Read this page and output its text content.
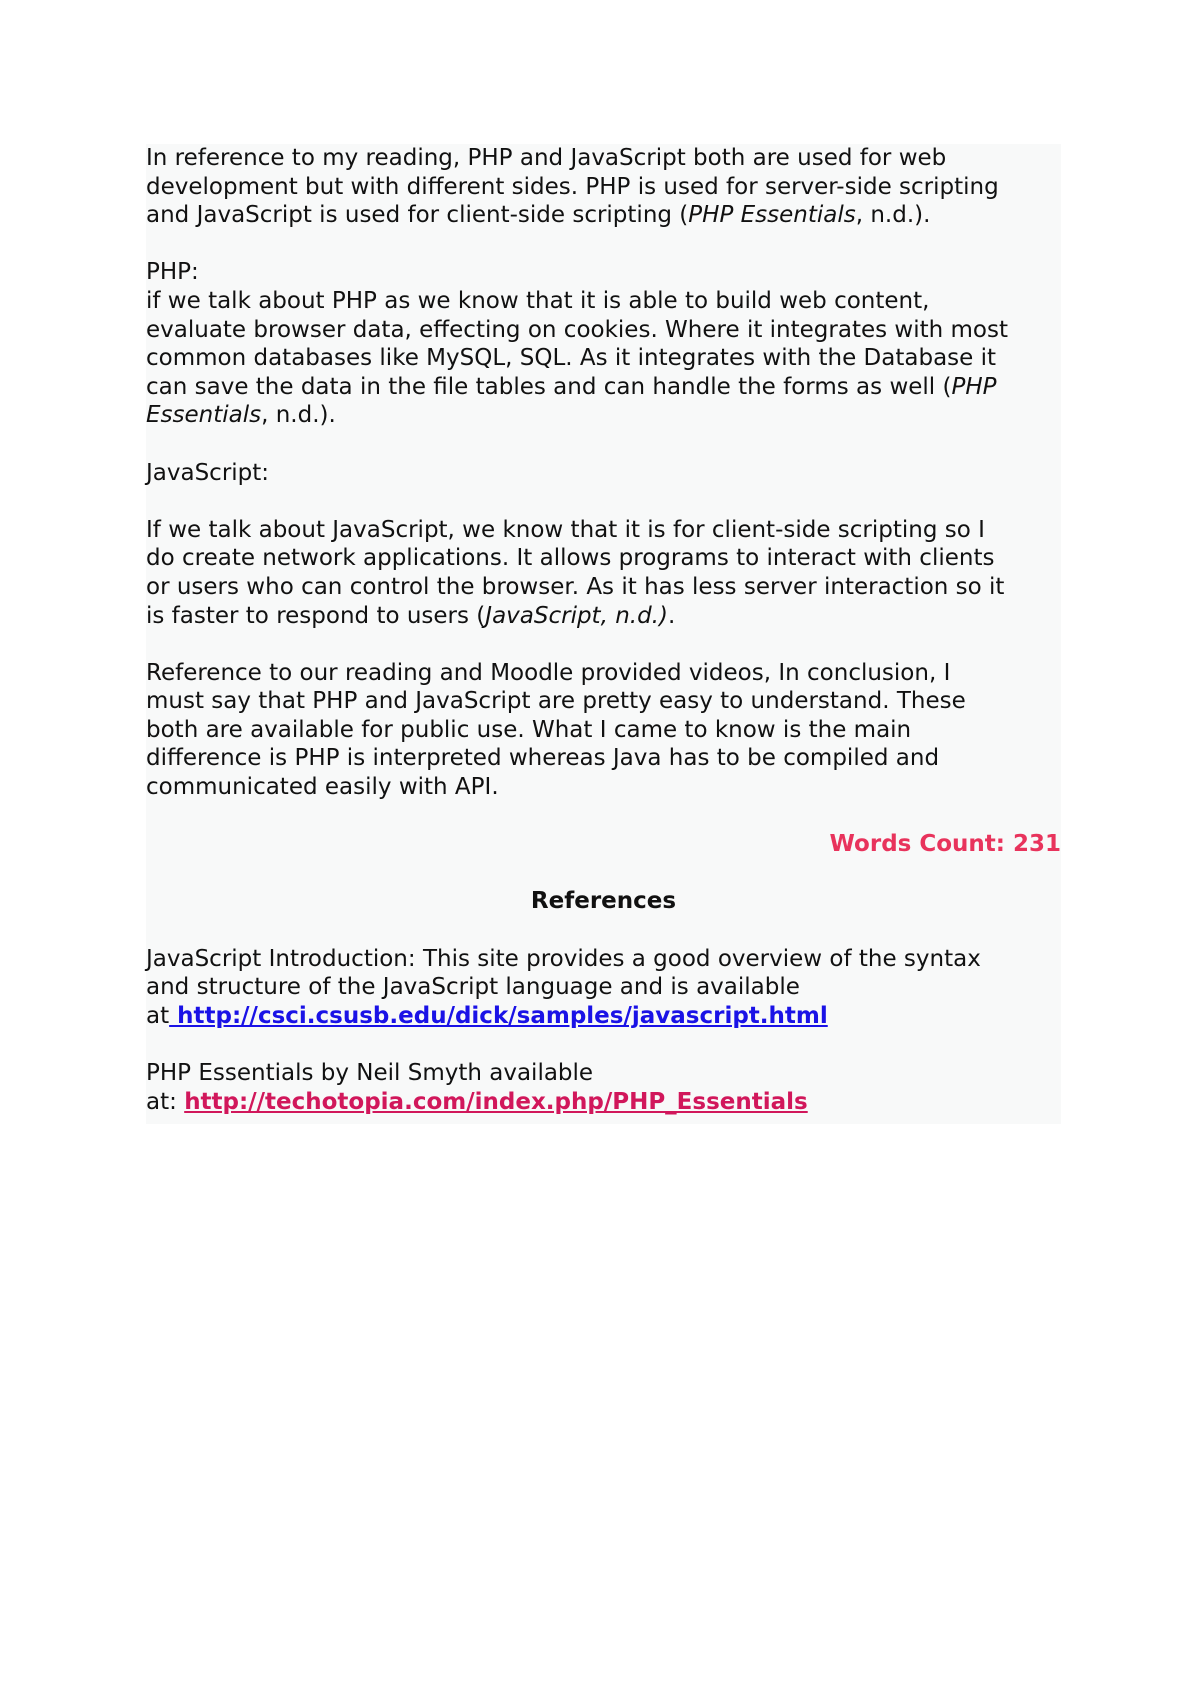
In reference to my reading, PHP and JavaScript both are used for web
development but with different sides. PHP is used for server-side scripting
and JavaScript is used for client-side scripting (PHP Essentials, n.d.).
PHP:
if we talk about PHP as we know that it is able to build web content,
evaluate browser data, effecting on cookies. Where it integrates with most
common databases like MySQL, SQL. As it integrates with the Database it
can save the data in the file tables and can handle the forms as well (PHP
Essentials, n.d.).
JavaScript:
If we talk about JavaScript, we know that it is for client-side scripting so I
do create network applications. It allows programs to interact with clients
or users who can control the browser. As it has less server interaction so it
is faster to respond to users (JavaScript, n.d.).
Reference to our reading and Moodle provided videos, In conclusion, I
must say that PHP and JavaScript are pretty easy to understand. These
both are available for public use. What I came to know is the main
difference is PHP is interpreted whereas Java has to be compiled and
communicated easily with API.
Words Count: 231
References
JavaScript Introduction: This site provides a good overview of the syntax
and structure of the JavaScript language and is available
at http://csci.csusb.edu/dick/samples/javascript.html
PHP Essentials by Neil Smyth available
at: http://techotopia.com/index.php/PHP_Essentials
